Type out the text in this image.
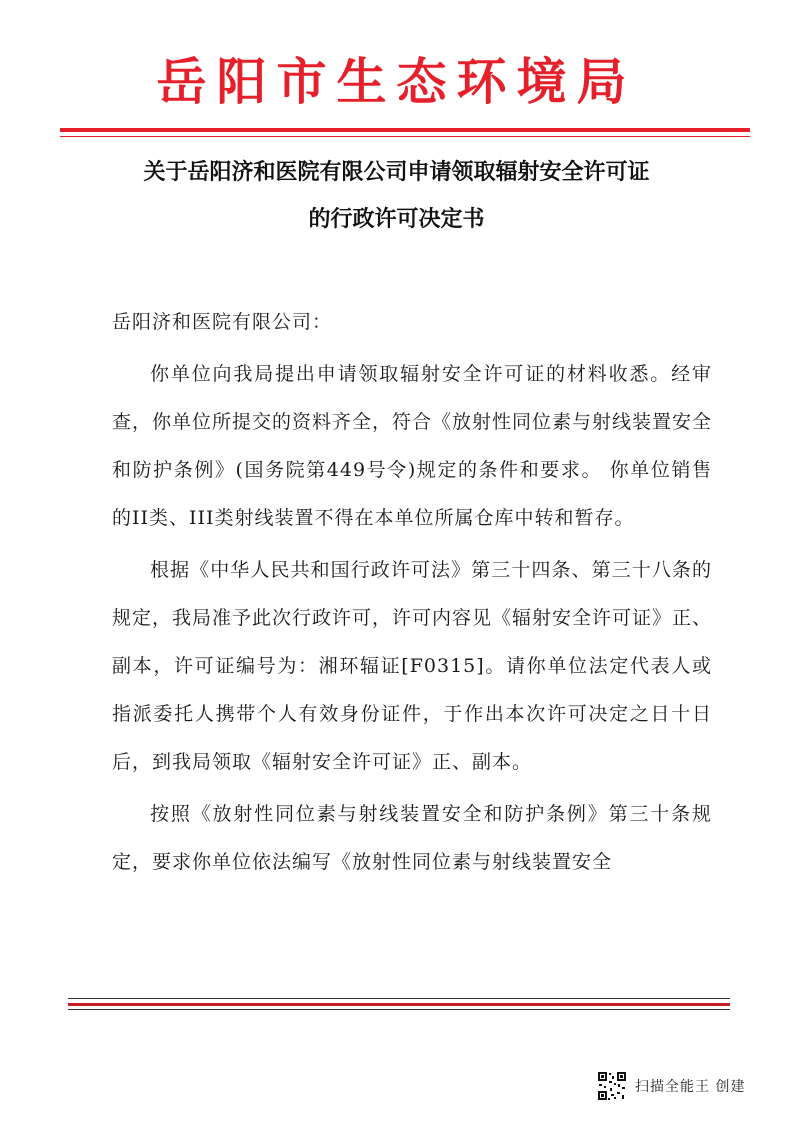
岳阳市生态环境局
关于岳阳济和医院有限公司申请领取辐射安全许可证
的行政许可决定书

岳阳济和医院有限公司：

你单位向我局提出申请领取辐射安全许可证的材料收悉。经审查，你单位所提交的资料齐全，符合《放射性同位素与射线装置安全和防护条例》(国务院第449号令)规定的条件和要求。 你单位销售的II类、III类射线装置不得在本单位所属仓库中转和暂存。

根据《中华人民共和国行政许可法》第三十四条、第三十八条的规定，我局准予此次行政许可，许可内容见《辐射安全许可证》正、副本，许可证编号为：湘环辐证[F0315]。请你单位法定代表人或指派委托人携带个人有效身份证件，于作出本次许可决定之日十日后，到我局领取《辐射安全许可证》正、副本。

按照《放射性同位素与射线装置安全和防护条例》第三十条规定，要求你单位依法编写《放射性同位素与射线装置安全

扫描全能王 创建
